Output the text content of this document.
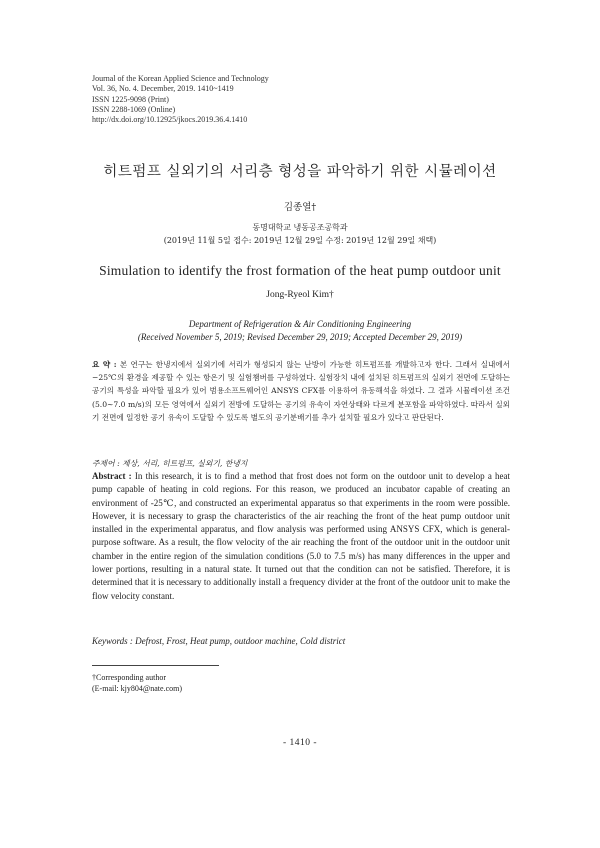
Journal of the Korean Applied Science and Technology
Vol. 36, No. 4. December, 2019. 1410~1419
ISSN 1225-9098 (Print)
ISSN 2288-1069 (Online)
http://dx.doi.org/10.12925/jkocs.2019.36.4.1410
히트펌프 실외기의 서리층 형성을 파악하기 위한 시뮬레이션
김종열†
동명대학교 냉동공조공학과
(2019년 11월 5일 접수: 2019년 12월 29일 수정: 2019년 12월 29일 채택)
Simulation to identify the frost formation of the heat pump outdoor unit
Jong-Ryeol Kim†
Department of Refrigeration & Air Conditioning Engineering
(Received November 5, 2019; Revised December 29, 2019; Accepted December 29, 2019)

요 약 : 본 연구는 한냉지에서 실외기에 서리가 형성되지 않는 난방이 가능한 히트펌프를 개발하고자 한다. 그래서 실내에서 −25℃의 환경을 제공할 수 있는 항온기 및 실험챔버를 구성하였다. 실험장치 내에 설치된 히트펌프의 실외기 전면에 도달하는 공기의 특성을 파악할 필요가 있어 범용소프트웨어인 ANSYS CFX를 이용하여 유동해석을 하였다. 그 결과 시뮬레이션 조건(5.0∼7.0 m/s)의 모든 영역에서 실외기 전방에 도달하는 공기의 유속이 자연상태와 다르게 분포함을 파악하였다. 따라서 실외기 전면에 일정한 공기 유속이 도달할 수 있도록 별도의 공기분배기를 추가 설치할 필요가 있다고 판단된다.

주제어 : 제상, 서리, 히트펌프, 실외기, 한냉지

Abstract : In this research, it is to find a method that frost does not form on the outdoor unit to develop a heat pump capable of heating in cold regions. For this reason, we produced an incubator capable of creating an environment of -25℃, and constructed an experimental apparatus so that experiments in the room were possible. However, it is necessary to grasp the characteristics of the air reaching the front of the heat pump outdoor unit installed in the experimental apparatus, and flow analysis was performed using ANSYS CFX, which is general-purpose software. As a result, the flow velocity of the air reaching the front of the outdoor unit in the outdoor unit chamber in the entire region of the simulation conditions (5.0 to 7.5 m/s) has many differences in the upper and lower portions, resulting in a natural state. It turned out that the condition can not be satisfied. Therefore, it is determined that it is necessary to additionally install a frequency divider at the front of the outdoor unit to make the flow velocity constant.

Keywords : Defrost, Frost, Heat pump, outdoor machine, Cold district
†Corresponding author
(E-mail: kjy804@nate.com)
- 1410 -
